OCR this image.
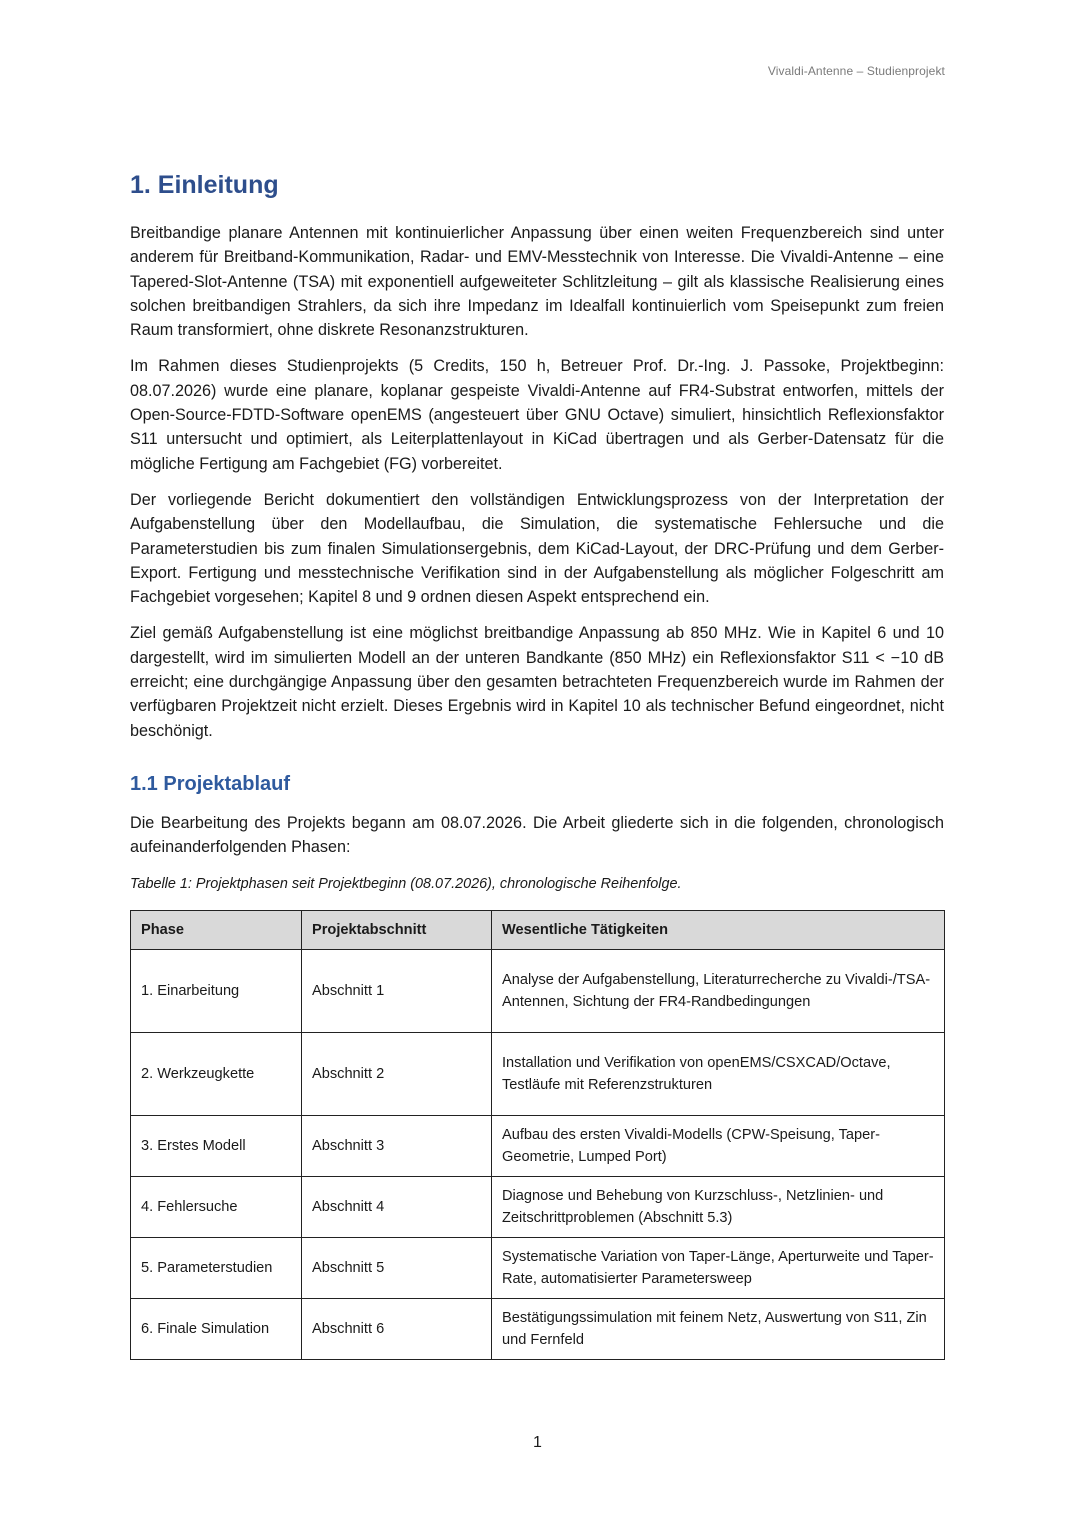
Vivaldi-Antenne – Studienprojekt
1. Einleitung

Breitbandige planare Antennen mit kontinuierlicher Anpassung über einen weiten Frequenzbereich sind unter anderem für Breitband-Kommunikation, Radar- und EMV-Messtechnik von Interesse. Die Vivaldi-Antenne – eine Tapered-Slot-Antenne (TSA) mit exponentiell aufgeweiteter Schlitzleitung – gilt als klassische Realisierung eines solchen breitbandigen Strahlers, da sich ihre Impedanz im Idealfall kontinuierlich vom Speisepunkt zum freien Raum transformiert, ohne diskrete Resonanzstrukturen.

Im Rahmen dieses Studienprojekts (5 Credits, 150 h, Betreuer Prof. Dr.-Ing. J. Passoke, Projektbeginn: 08.07.2026) wurde eine planare, koplanar gespeiste Vivaldi-Antenne auf FR4-Substrat entworfen, mittels der Open-Source-FDTD-Software openEMS (angesteuert über GNU Octave) simuliert, hinsichtlich Reflexionsfaktor S11 untersucht und optimiert, als Leiterplattenlayout in KiCad übertragen und als Gerber-Datensatz für die mögliche Fertigung am Fachgebiet (FG) vorbereitet.

Der vorliegende Bericht dokumentiert den vollständigen Entwicklungsprozess von der Interpretation der Aufgabenstellung über den Modellaufbau, die Simulation, die systematische Fehlersuche und die Parameterstudien bis zum finalen Simulationsergebnis, dem KiCad-Layout, der DRC-Prüfung und dem Gerber-Export. Fertigung und messtechnische Verifikation sind in der Aufgabenstellung als möglicher Folgeschritt am Fachgebiet vorgesehen; Kapitel 8 und 9 ordnen diesen Aspekt entsprechend ein.

Ziel gemäß Aufgabenstellung ist eine möglichst breitbandige Anpassung ab 850 MHz. Wie in Kapitel 6 und 10 dargestellt, wird im simulierten Modell an der unteren Bandkante (850 MHz) ein Reflexionsfaktor S11 < −10 dB erreicht; eine durchgängige Anpassung über den gesamten betrachteten Frequenzbereich wurde im Rahmen der verfügbaren Projektzeit nicht erzielt. Dieses Ergebnis wird in Kapitel 10 als technischer Befund eingeordnet, nicht beschönigt.

1.1 Projektablauf

Die Bearbeitung des Projekts begann am 08.07.2026. Die Arbeit gliederte sich in die folgenden, chronologisch aufeinanderfolgenden Phasen:

Tabelle 1: Projektphasen seit Projektbeginn (08.07.2026), chronologische Reihenfolge.

Phase	Projektabschnitt	Wesentliche Tätigkeiten
1. Einarbeitung	Abschnitt 1	Analyse der Aufgabenstellung, Literaturrecherche zu Vivaldi-/TSA-Antennen, Sichtung der FR4-Randbedingungen
2. Werkzeugkette	Abschnitt 2	Installation und Verifikation von openEMS/CSXCAD/Octave, Testläufe mit Referenzstrukturen
3. Erstes Modell	Abschnitt 3	Aufbau des ersten Vivaldi-Modells (CPW-Speisung, Taper-Geometrie, Lumped Port)
4. Fehlersuche	Abschnitt 4	Diagnose und Behebung von Kurzschluss-, Netzlinien- und Zeitschrittproblemen (Abschnitt 5.3)
5. Parameterstudien	Abschnitt 5	Systematische Variation von Taper-Länge, Aperturweite und Taper-Rate, automatisierter Parametersweep
6. Finale Simulation	Abschnitt 6	Bestätigungssimulation mit feinem Netz, Auswertung von S11, Zin und Fernfeld
1
